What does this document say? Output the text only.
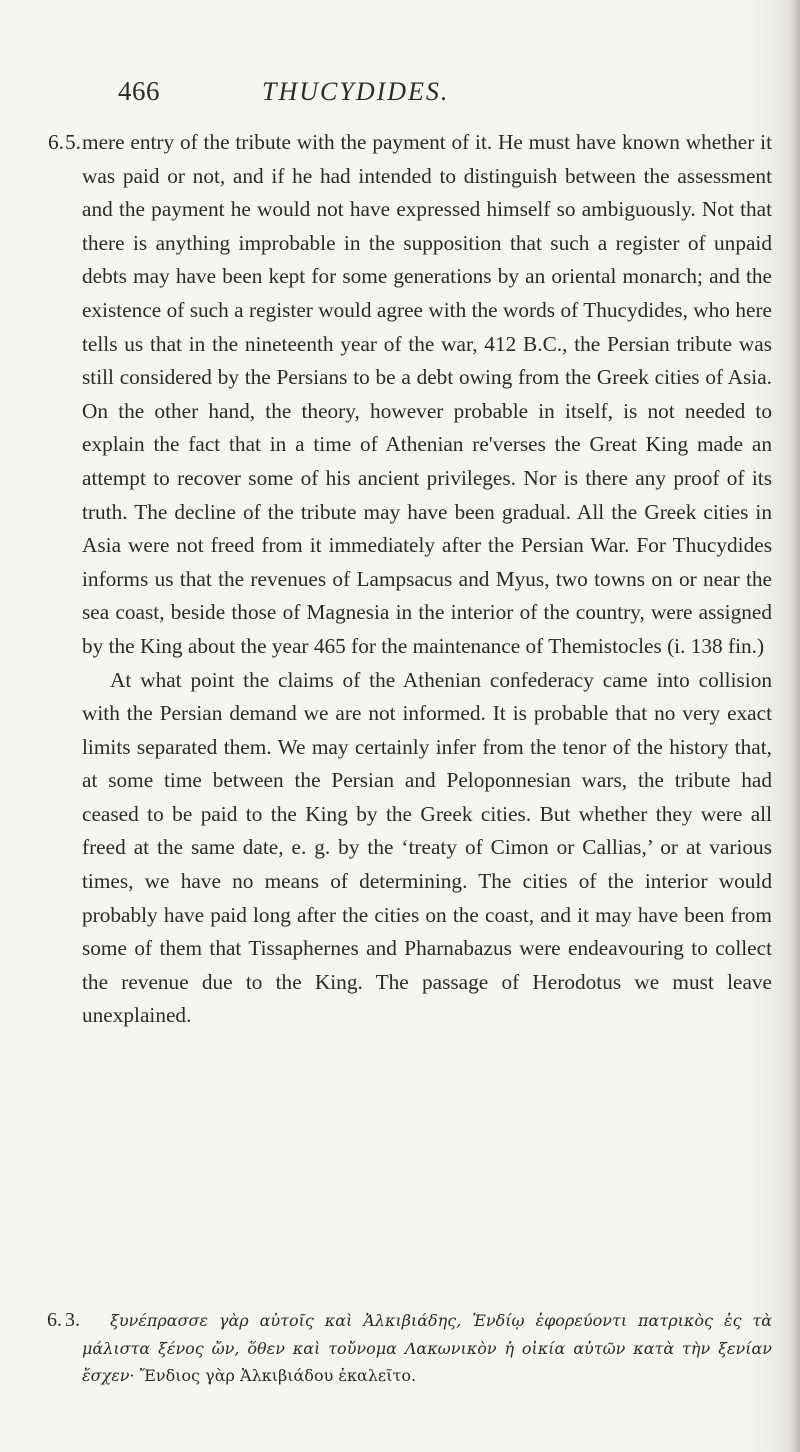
466	THUCYDIDES.

6. 5. mere entry of the tribute with the payment of it. He must have known whether it was paid or not, and if he had intended to distinguish between the assessment and the payment he would not have expressed himself so ambiguously. Not that there is anything improbable in the supposition that such a register of unpaid debts may have been kept for some generations by an oriental monarch; and the existence of such a register would agree with the words of Thucydides, who here tells us that in the nineteenth year of the war, 412 B.C., the Persian tribute was still considered by the Persians to be a debt owing from the Greek cities of Asia. On the other hand, the theory, however probable in itself, is not needed to explain the fact that in a time of Athenian re'verses the Great King made an attempt to recover some of his ancient privileges. Nor is there any proof of its truth. The decline of the tribute may have been gradual. All the Greek cities in Asia were not freed from it immediately after the Persian War. For Thucydides informs us that the revenues of Lampsacus and Myus, two towns on or near the sea coast, beside those of Magnesia in the interior of the country, were assigned by the King about the year 465 for the maintenance of Themistocles (i. 138 fin.)

At what point the claims of the Athenian confederacy came into collision with the Persian demand we are not informed. It is probable that no very exact limits separated them. We may certainly infer from the tenor of the history that, at some time between the Persian and Peloponnesian wars, the tribute had ceased to be paid to the King by the Greek cities. But whether they were all freed at the same date, e. g. by the ‘treaty of Cimon or Callias,’ or at various times, we have no means of determining. The cities of the interior would probably have paid long after the cities on the coast, and it may have been from some of them that Tissaphernes and Pharnabazus were endeavouring to collect the revenue due to the King. The passage of Herodotus we must leave unexplained.

6. 3.	ξυνέπρασσε γὰρ αὐτοῖς καὶ Ἀλκιβιάδης, Ἐνδίῳ ἐφορεύοντι πατρικὸς ἐς τὰ μάλιστα ξένος ὤν, ὅθεν καὶ τοὔνομα Λακωνικὸν ἡ οἰκία αὐτῶν κατὰ τὴν ξενίαν ἔσχεν· Ἔνδιος γὰρ Ἀλκιβιάδου ἐκαλεῖτο.
